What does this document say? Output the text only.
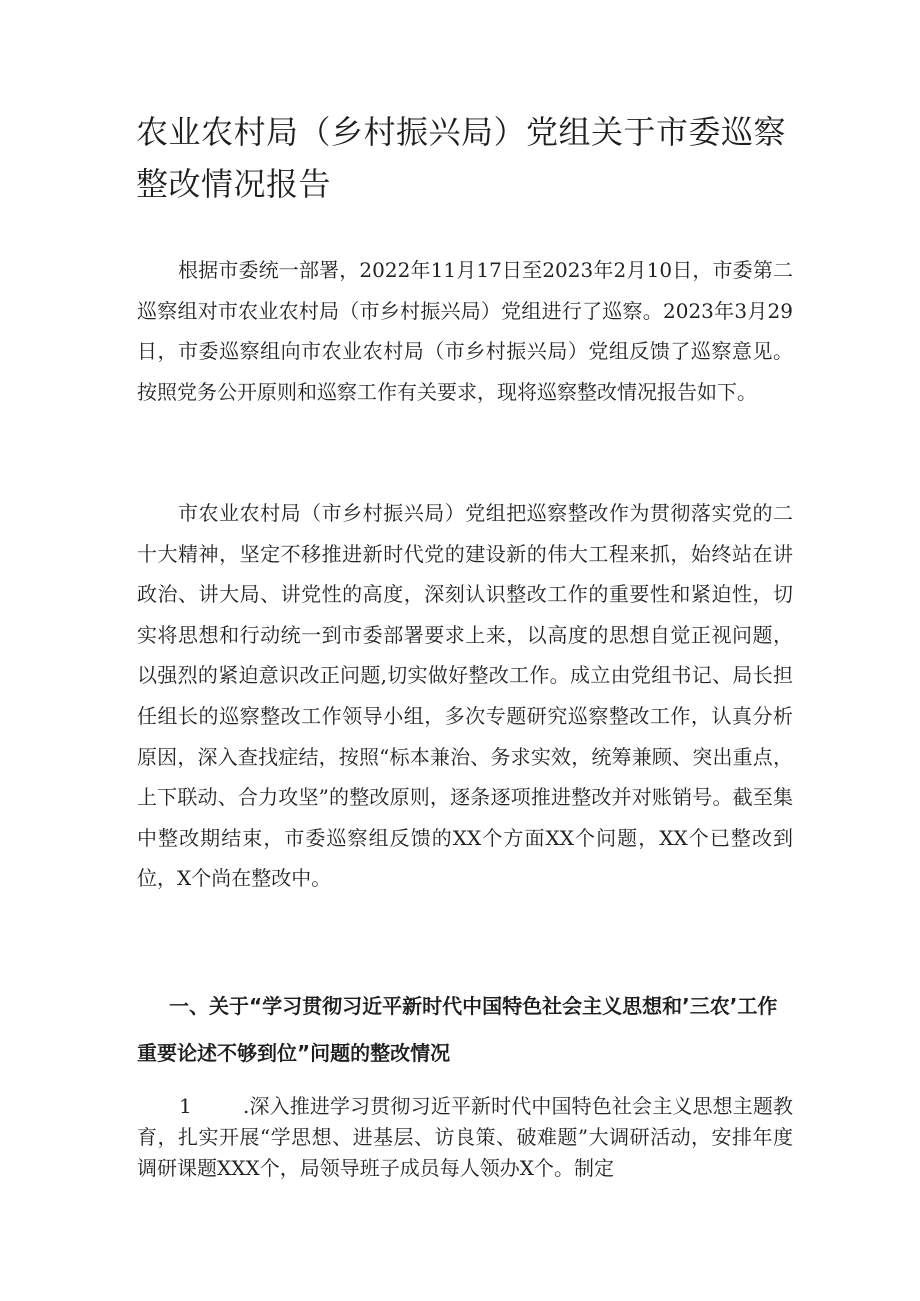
农业农村局（乡村振兴局）党组关于市委巡察整改情况报告

根据市委统一部署，2022年11月17日至2023年2月10日，市委第二巡察组对市农业农村局（市乡村振兴局）党组进行了巡察。2023年3月29日，市委巡察组向市农业农村局（市乡村振兴局）党组反馈了巡察意见。按照党务公开原则和巡察工作有关要求，现将巡察整改情况报告如下。

市农业农村局（市乡村振兴局）党组把巡察整改作为贯彻落实党的二十大精神，坚定不移推进新时代党的建设新的伟大工程来抓，始终站在讲政治、讲大局、讲党性的高度，深刻认识整改工作的重要性和紧迫性，切实将思想和行动统一到市委部署要求上来，以高度的思想自觉正视问题，以强烈的紧迫意识改正问题,切实做好整改工作。成立由党组书记、局长担任组长的巡察整改工作领导小组，多次专题研究巡察整改工作，认真分析原因，深入查找症结，按照“标本兼治、务求实效，统筹兼顾、突出重点，上下联动、合力攻坚”的整改原则，逐条逐项推进整改并对账销号。截至集中整改期结束，市委巡察组反馈的XX个方面XX个问题，XX个已整改到位，X个尚在整改中。

一、关于“学习贯彻习近平新时代中国特色社会主义思想和’三农’工作重要论述不够到位”问题的整改情况

1	.深入推进学习贯彻习近平新时代中国特色社会主义思想主题教育，扎实开展“学思想、进基层、访良策、破难题”大调研活动，安排年度调研课题XXX个，局领导班子成员每人领办X个。制定
